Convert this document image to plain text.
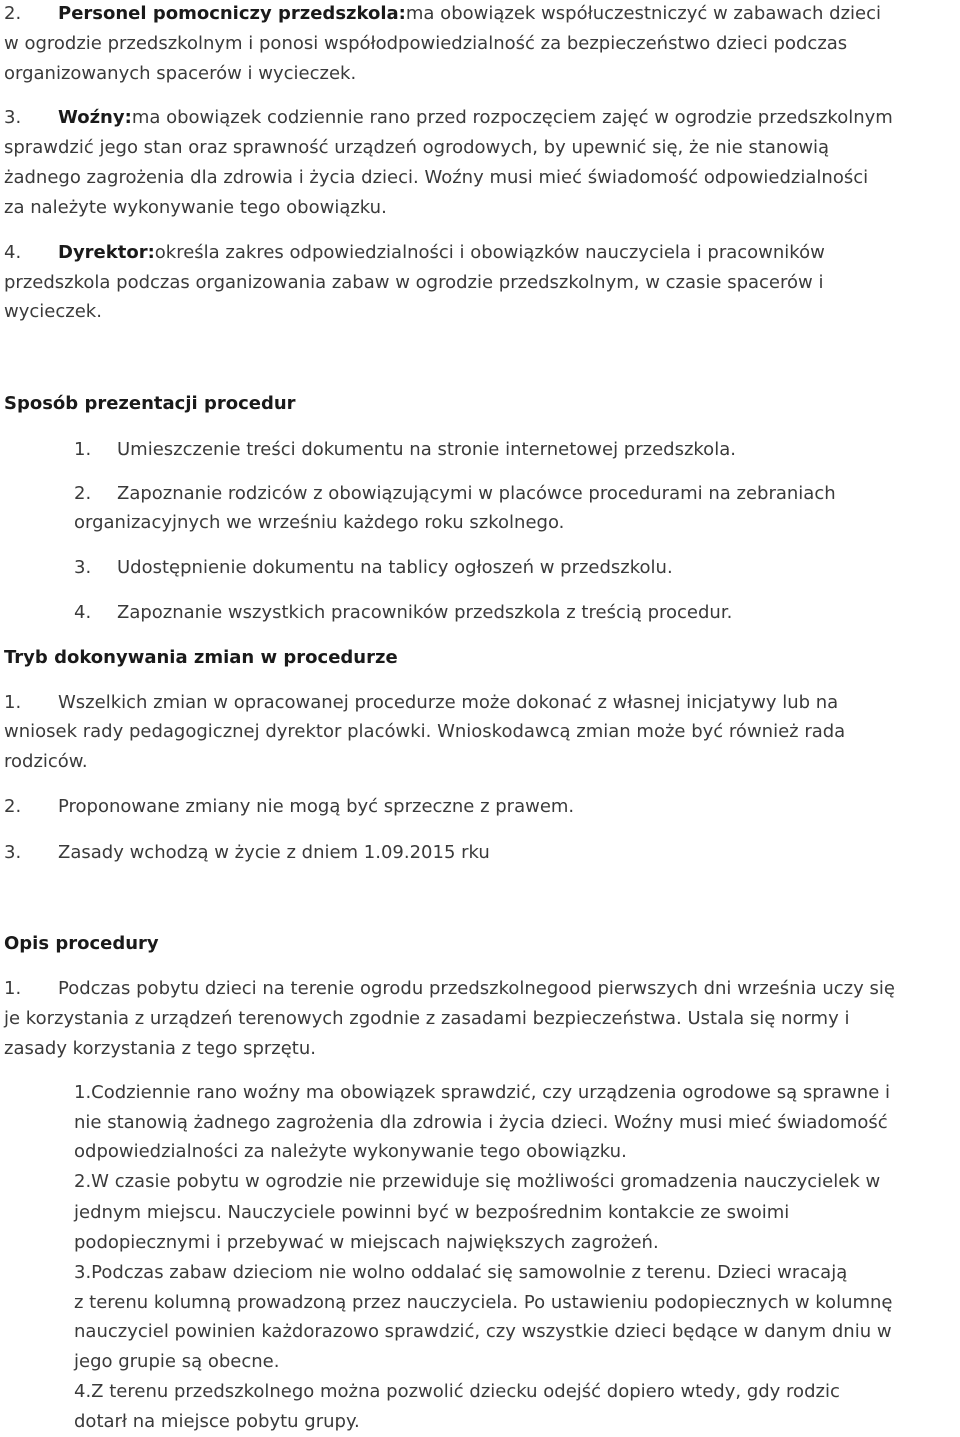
2. Personel pomocniczy przedszkola:ma obowiązek współuczestniczyć w zabawach dzieci
w ogrodzie przedszkolnym i ponosi współodpowiedzialność za bezpieczeństwo dzieci podczas
organizowanych spacerów i wycieczek.
3. Woźny:ma obowiązek codziennie rano przed rozpoczęciem zajęć w ogrodzie przedszkolnym
sprawdzić jego stan oraz sprawność urządzeń ogrodowych, by upewnić się, że nie stanowią
żadnego zagrożenia dla zdrowia i życia dzieci. Woźny musi mieć świadomość odpowiedzialności
za należyte wykonywanie tego obowiązku.
4. Dyrektor:określa zakres odpowiedzialności i obowiązków nauczyciela i pracowników
przedszkola podczas organizowania zabaw w ogrodzie przedszkolnym, w czasie spacerów i
wycieczek.
Sposób prezentacji procedur
1. Umieszczenie treści dokumentu na stronie internetowej przedszkola.
2. Zapoznanie rodziców z obowiązującymi w placówce procedurami na zebraniach
organizacyjnych we wrześniu każdego roku szkolnego.
3. Udostępnienie dokumentu na tablicy ogłoszeń w przedszkolu.
4. Zapoznanie wszystkich pracowników przedszkola z treścią procedur.
Tryb dokonywania zmian w procedurze
1. Wszelkich zmian w opracowanej procedurze może dokonać z własnej inicjatywy lub na
wniosek rady pedagogicznej dyrektor placówki. Wnioskodawcą zmian może być również rada
rodziców.
2. Proponowane zmiany nie mogą być sprzeczne z prawem.
3. Zasady wchodzą w życie z dniem 1.09.2015 rku
Opis procedury
1. Podczas pobytu dzieci na terenie ogrodu przedszkolnegood pierwszych dni września uczy się
je korzystania z urządzeń terenowych zgodnie z zasadami bezpieczeństwa. Ustala się normy i
zasady korzystania z tego sprzętu.
1.Codziennie rano woźny ma obowiązek sprawdzić, czy urządzenia ogrodowe są sprawne i
nie stanowią żadnego zagrożenia dla zdrowia i życia dzieci. Woźny musi mieć świadomość
odpowiedzialności za należyte wykonywanie tego obowiązku.
2.W czasie pobytu w ogrodzie nie przewiduje się możliwości gromadzenia nauczycielek w
jednym miejscu. Nauczyciele powinni być w bezpośrednim kontakcie ze swoimi
podopiecznymi i przebywać w miejscach największych zagrożeń.
3.Podczas zabaw dzieciom nie wolno oddalać się samowolnie z terenu. Dzieci wracają
z terenu kolumną prowadzoną przez nauczyciela. Po ustawieniu podopiecznych w kolumnę
nauczyciel powinien każdorazowo sprawdzić, czy wszystkie dzieci będące w danym dniu w
jego grupie są obecne.
4.Z terenu przedszkolnego można pozwolić dziecku odejść dopiero wtedy, gdy rodzic
dotarł na miejsce pobytu grupy.
